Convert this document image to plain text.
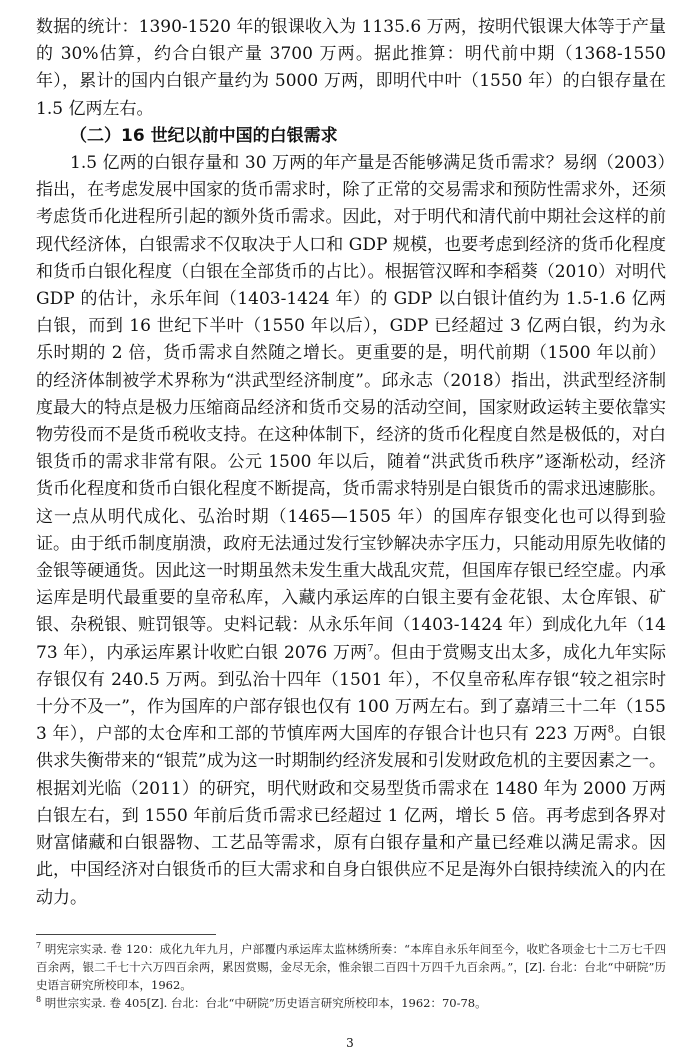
数据的统计：1390-1520 年的银课收入为 1135.6 万两，按明代银课大体等于产量的 30%估算，约合白银产量 3700 万两。据此推算：明代前中期（1368-1550 年），累计的国内白银产量约为 5000 万两，即明代中叶（1550 年）的白银存量在 1.5 亿两左右。

（二）16 世纪以前中国的白银需求

1.5 亿两的白银存量和 30 万两的年产量是否能够满足货币需求？易纲（2003）指出，在考虑发展中国家的货币需求时，除了正常的交易需求和预防性需求外，还须考虑货币化进程所引起的额外货币需求。因此，对于明代和清代前中期社会这样的前现代经济体，白银需求不仅取决于人口和 GDP 规模，也要考虑到经济的货币化程度和货币白银化程度（白银在全部货币的占比）。根据管汉晖和李稻葵（2010）对明代 GDP 的估计，永乐年间（1403-1424 年）的 GDP 以白银计值约为 1.5-1.6 亿两白银，而到 16 世纪下半叶（1550 年以后），GDP 已经超过 3 亿两白银，约为永乐时期的 2 倍，货币需求自然随之增长。更重要的是，明代前期（1500 年以前）的经济体制被学术界称为“洪武型经济制度”。邱永志（2018）指出，洪武型经济制度最大的特点是极力压缩商品经济和货币交易的活动空间，国家财政运转主要依靠实物劳役而不是货币税收支持。在这种体制下，经济的货币化程度自然是极低的，对白银货币的需求非常有限。公元 1500 年以后，随着“洪武货币秩序”逐渐松动，经济货币化程度和货币白银化程度不断提高，货币需求特别是白银货币的需求迅速膨胀。这一点从明代成化、弘治时期（1465—1505 年）的国库存银变化也可以得到验证。由于纸币制度崩溃，政府无法通过发行宝钞解决赤字压力，只能动用原先收储的金银等硬通货。因此这一时期虽然未发生重大战乱灾荒，但国库存银已经空虚。内承运库是明代最重要的皇帝私库，入藏内承运库的白银主要有金花银、太仓库银、矿银、杂税银、赃罚银等。史料记载：从永乐年间（1403-1424 年）到成化九年（1473 年），内承运库累计收贮白银 2076 万两$^7$。但由于赏赐支出太多，成化九年实际存银仅有 240.5 万两。到弘治十四年（1501 年），不仅皇帝私库存银“较之祖宗时十分不及一”，作为国库的户部存银也仅有 100 万两左右。到了嘉靖三十二年（1553 年），户部的太仓库和工部的节慎库两大国库的存银合计也只有 223 万两$^8$。白银供求失衡带来的“银荒”成为这一时期制约经济发展和引发财政危机的主要因素之一。根据刘光临（2011）的研究，明代财政和交易型货币需求在 1480 年为 2000 万两白银左右，到 1550 年前后货币需求已经超过 1 亿两，增长 5 倍。再考虑到各界对财富储藏和白银器物、工艺品等需求，原有白银存量和产量已经难以满足需求。因此，中国经济对白银货币的巨大需求和自身白银供应不足是海外白银持续流入的内在动力。

$^7$ 明宪宗实录. 卷 120：成化九年九月，户部覆内承运库太监林绣所奏：“本库自永乐年间至今，收贮各项金七十二万七千四百余两，银二千七十六万四百余两，累因赏赐，金尽无余，惟余银二百四十万四千九百余两。”，[Z]. 台北：台北“中研院”历史语言研究所校印本，1962。

$^8$ 明世宗实录. 卷 405[Z]. 台北：台北“中研院”历史语言研究所校印本，1962：70-78。

3
